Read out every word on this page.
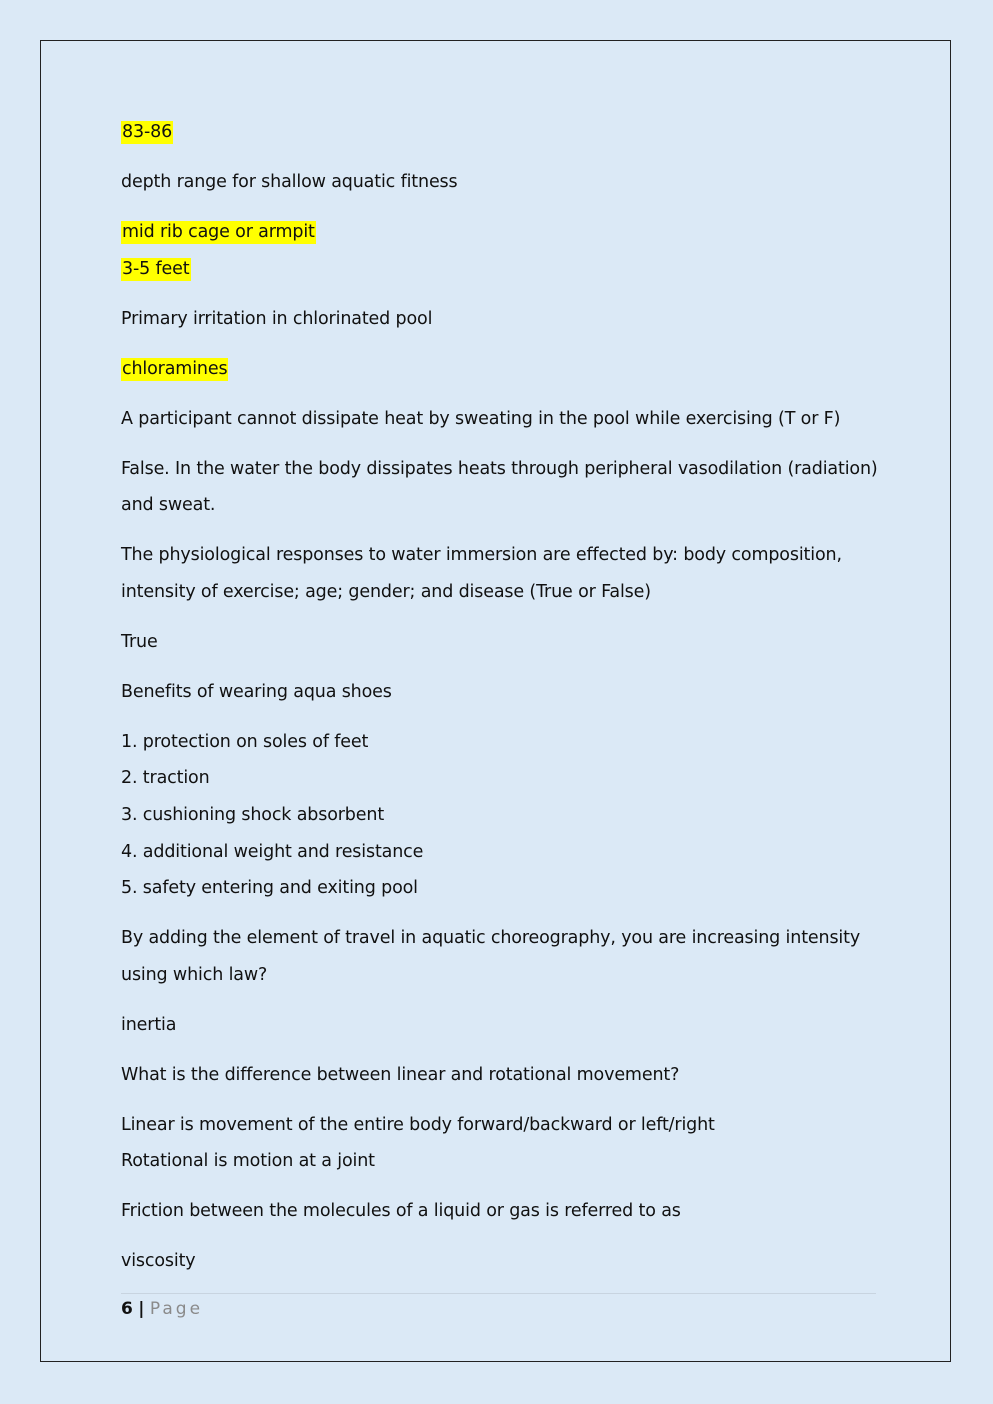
83-86
depth range for shallow aquatic fitness
mid rib cage or armpit
3-5 feet
Primary irritation in chlorinated pool
chloramines
A participant cannot dissipate heat by sweating in the pool while exercising (T or F)
False. In the water the body dissipates heats through peripheral vasodilation (radiation)
and sweat.
The physiological responses to water immersion are effected by: body composition,
intensity of exercise; age; gender; and disease (True or False)
True
Benefits of wearing aqua shoes
1. protection on soles of feet
2. traction
3. cushioning shock absorbent
4. additional weight and resistance
5. safety entering and exiting pool
By adding the element of travel in aquatic choreography, you are increasing intensity
using which law?
inertia
What is the difference between linear and rotational movement?
Linear is movement of the entire body forward/backward or left/right
Rotational is motion at a joint
Friction between the molecules of a liquid or gas is referred to as
viscosity
6 | Page
